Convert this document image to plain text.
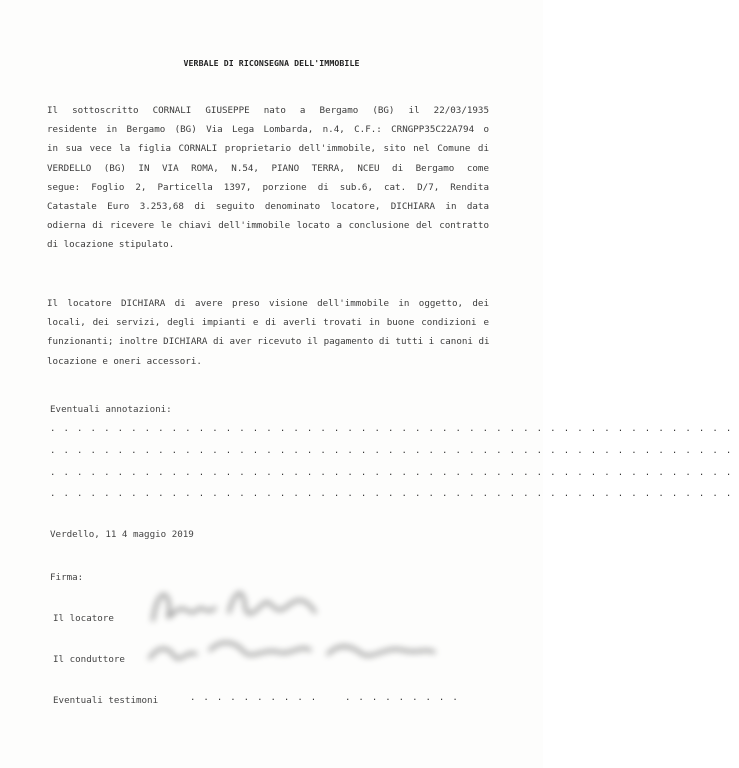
VERBALE DI RICONSEGNA DELL'IMMOBILE
Il sottoscritto CORNALI GIUSEPPE nato a Bergamo (BG) il 22/03/1935
residente in Bergamo (BG) Via Lega Lombarda, n.4, C.F.: CRNGPP35C22A794 o
in sua vece la figlia CORNALI proprietario dell'immobile, sito nel Comune di
VERDELLO (BG) IN VIA ROMA, N.54, PIANO TERRA, NCEU di Bergamo come
segue: Foglio 2, Particella 1397, porzione di sub.6, cat. D/7, Rendita
Catastale Euro 3.253,68 di seguito denominato locatore, DICHIARA in data
odierna di ricevere le chiavi dell'immobile locato a conclusione del contratto
di locazione stipulato.
Il locatore DICHIARA di avere preso visione dell'immobile in oggetto, dei
locali, dei servizi, degli impianti e di averli trovati in buone condizioni e
funzionanti; inoltre DICHIARA di aver ricevuto il pagamento di tutti i canoni di
locazione e oneri accessori.
Eventuali annotazioni:
...................................................
...................................................
...................................................
...................................................
Verdello, 11 4 maggio 2019
Firma:
Il locatore
Il conduttore
Eventuali testimoni	.......... .........
